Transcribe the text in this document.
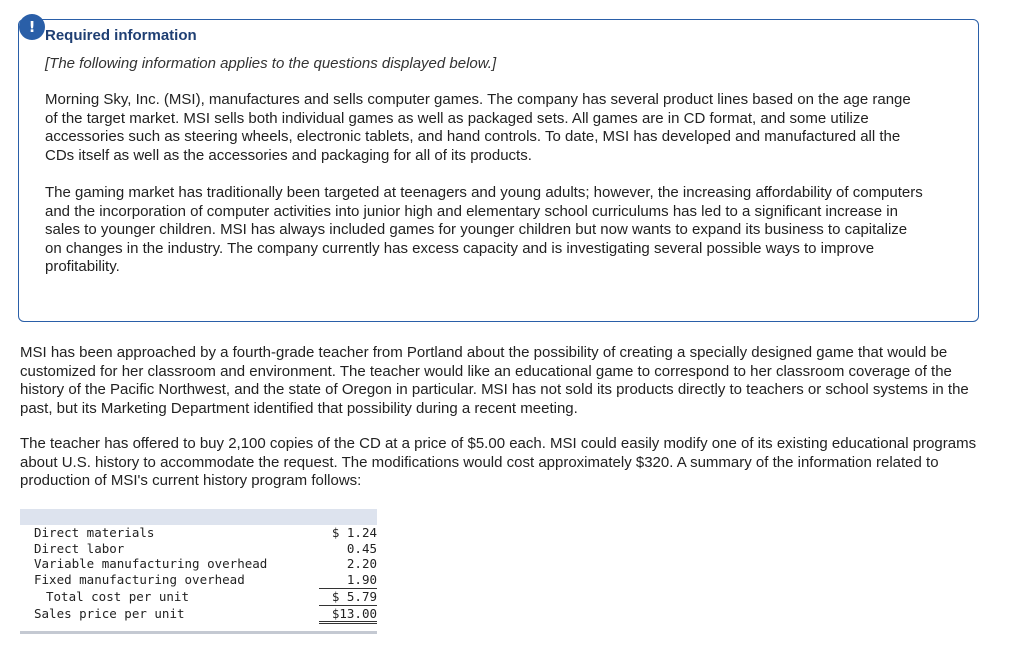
! Required information

[The following information applies to the questions displayed below.]

Morning Sky, Inc. (MSI), manufactures and sells computer games. The company has several product lines based on the age range of the target market. MSI sells both individual games as well as packaged sets. All games are in CD format, and some utilize accessories such as steering wheels, electronic tablets, and hand controls. To date, MSI has developed and manufactured all the CDs itself as well as the accessories and packaging for all of its products.

The gaming market has traditionally been targeted at teenagers and young adults; however, the increasing affordability of computers and the incorporation of computer activities into junior high and elementary school curriculums has led to a significant increase in sales to younger children. MSI has always included games for younger children but now wants to expand its business to capitalize on changes in the industry. The company currently has excess capacity and is investigating several possible ways to improve profitability.

MSI has been approached by a fourth-grade teacher from Portland about the possibility of creating a specially designed game that would be customized for her classroom and environment. The teacher would like an educational game to correspond to her classroom coverage of the history of the Pacific Northwest, and the state of Oregon in particular. MSI has not sold its products directly to teachers or school systems in the past, but its Marketing Department identified that possibility during a recent meeting.

The teacher has offered to buy 2,100 copies of the CD at a price of $5.00 each. MSI could easily modify one of its existing educational programs about U.S. history to accommodate the request. The modifications would cost approximately $320. A summary of the information related to production of MSI's current history program follows:

Direct materials	$ 1.24
Direct labor	0.45
Variable manufacturing overhead	2.20
Fixed manufacturing overhead	1.90
Total cost per unit	$ 5.79
Sales price per unit	$13.00
